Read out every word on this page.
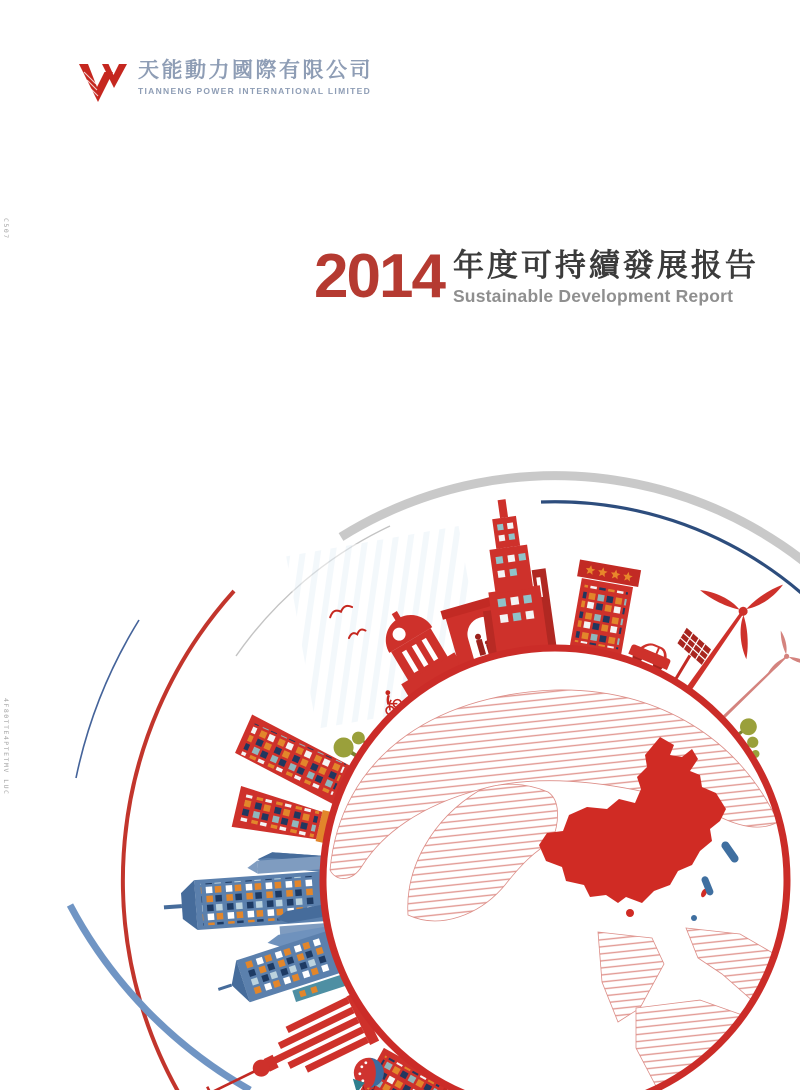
天能動力國際有限公司
TIANNENG POWER INTERNATIONAL LIMITED
C507
4F80TTE4PTETMV LUC
2014 年度可持續發展报告
Sustainable Development Report
